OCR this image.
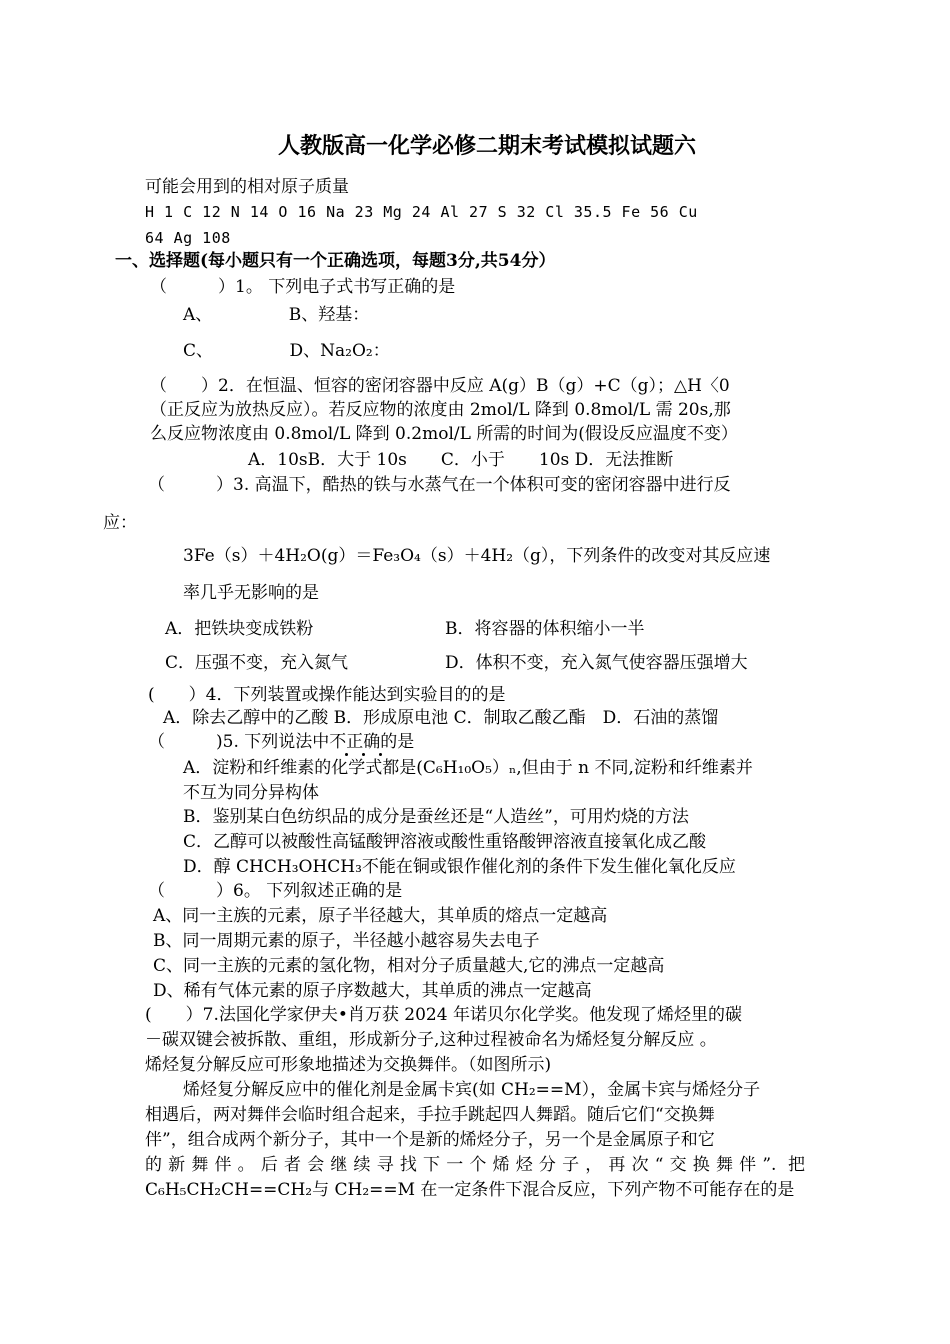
人教版高一化学必修二期末考试模拟试题六
可能会用到的相对原子质量
H 1 C 12 N 14 O 16 Na 23 Mg 24 Al 27 S 32 Cl 35.5 Fe 56 Cu
64 Ag 108
一、选择题(每小题只有一个正确选项，每题3分,共54分）
（　　　）1。 下列电子式书写正确的是
A、　　　　　B、羟基：
C、　　　　　D、Na₂O₂：
（　　）2．在恒温、恒容的密闭容器中反应 A(g）B（g）+C（g）；△H〈0
（正反应为放热反应）。若反应物的浓度由 2mol/L 降到 0.8mol/L 需 20s,那
么反应物浓度由 0.8mol/L 降到 0.2mol/L 所需的时间为(假设反应温度不变）
A．10sB．大于 10s　　C．小于　　10s D．无法推断
（　　　）3. 高温下，酷热的铁与水蒸气在一个体积可变的密闭容器中进行反
应：
3Fe（s）＋4H₂O(g）＝Fe₃O₄（s）＋4H₂（g），下列条件的改变对其反应速
率几乎无影响的是
A．把铁块变成铁粉	B．将容器的体积缩小一半
C．压强不变，充入氮气	D．体积不变，充入氮气使容器压强增大
(　　）4．下列装置或操作能达到实验目的的是
A．除去乙醇中的乙酸 B．形成原电池 C．制取乙酸乙酯　D．石油的蒸馏
（　　　)5. 下列说法中不正确的是
A．淀粉和纤维素的化学式都是(C₆H₁₀O₅）ₙ,但由于 n 不同,淀粉和纤维素并
不互为同分异构体
B．鉴别某白色纺织品的成分是蚕丝还是“人造丝”，可用灼烧的方法
C．乙醇可以被酸性高锰酸钾溶液或酸性重铬酸钾溶液直接氧化成乙酸
D．醇 CHCH₃OHCH₃不能在铜或银作催化剂的条件下发生催化氧化反应
（　　　）6。 下列叙述正确的是
A、同一主族的元素，原子半径越大，其单质的熔点一定越高
B、同一周期元素的原子，半径越小越容易失去电子
C、同一主族的元素的氢化物，相对分子质量越大,它的沸点一定越高
D、稀有气体元素的原子序数越大，其单质的沸点一定越高
(　　）7.法国化学家伊夫•肖万获 2024 年诺贝尔化学奖。他发现了烯烃里的碳
－碳双键会被拆散、重组，形成新分子,这种过程被命名为烯烃复分解反应 。
烯烃复分解反应可形象地描述为交换舞伴。（如图所示)
烯烃复分解反应中的催化剂是金属卡宾(如 CH₂==M），金属卡宾与烯烃分子
相遇后，两对舞伴会临时组合起来，手拉手跳起四人舞蹈。随后它们“交换舞
伴”，组合成两个新分子，其中一个是新的烯烃分子，另一个是金属原子和它
的新舞伴。后者会继续寻找下一个烯烃分子，再次“交换舞伴”. 把
C₆H₅CH₂CH==CH₂与 CH₂==M 在一定条件下混合反应，下列产物不可能存在的是
